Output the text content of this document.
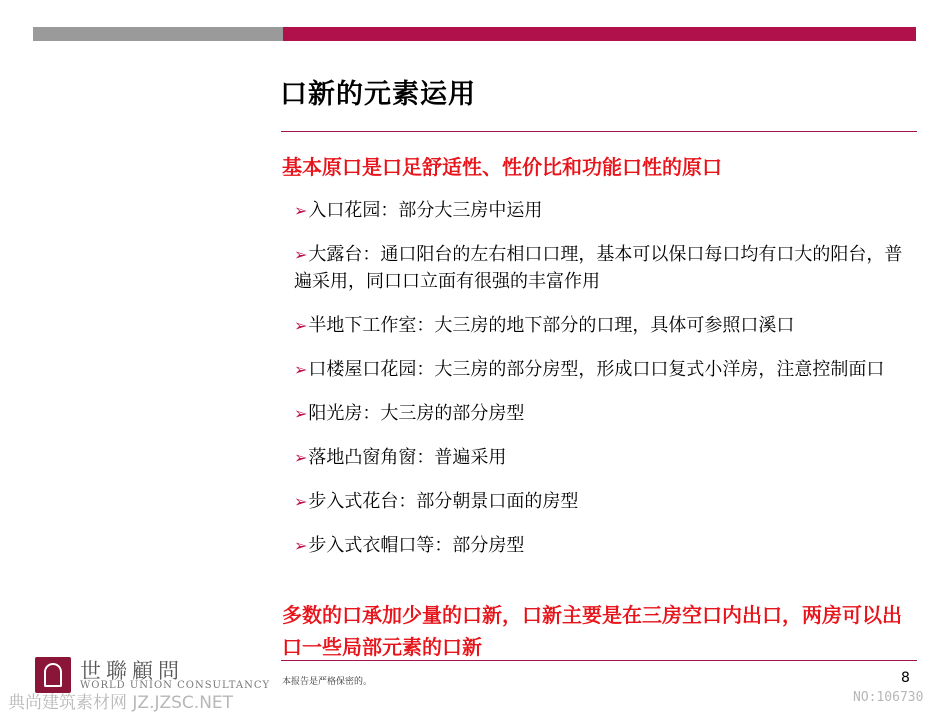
口新的元素运用
基本原口是口足舒适性、性价比和功能口性的原口
➢入口花园：部分大三房中运用
➢大露台：通口阳台的左右相口口理，基本可以保口每口均有口大的阳台，普遍采用，同口口立面有很强的丰富作用
➢半地下工作室：大三房的地下部分的口理，具体可参照口溪口
➢口楼屋口花园：大三房的部分房型，形成口口复式小洋房，注意控制面口
➢阳光房：大三房的部分房型
➢落地凸窗角窗：普遍采用
➢步入式花台：部分朝景口面的房型
➢步入式衣帽口等：部分房型
多数的口承加少量的口新，口新主要是在三房空口内出口，两房可以出口一些局部元素的口新
世聯顧問
WORLD UNION CONSULTANCY 本报告是严格保密的。	8
典尚建筑素材网 JZ.JZSC.NET	NO:106730
